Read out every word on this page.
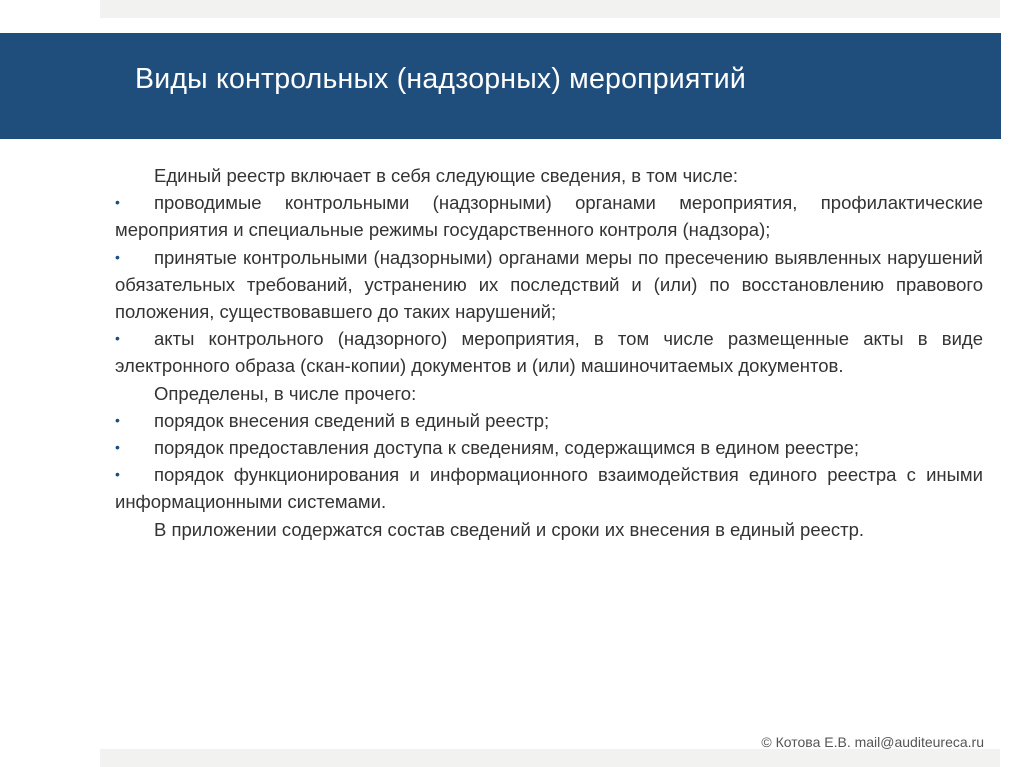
Виды контрольных (надзорных) мероприятий

Единый реестр включает в себя следующие сведения, в том числе:

•	проводимые контрольными (надзорными) органами мероприятия, профилактические мероприятия и специальные режимы государственного контроля (надзора);
•	принятые контрольными (надзорными) органами меры по пресечению выявленных нарушений обязательных требований, устранению их последствий и (или) по восстановлению правового положения, существовавшего до таких нарушений;
•	акты контрольного (надзорного) мероприятия, в том числе размещенные акты в виде электронного образа (скан-копии) документов и (или) машиночитаемых документов.

Определены, в числе прочего:

•	порядок внесения сведений в единый реестр;
•	порядок предоставления доступа к сведениям, содержащимся в едином реестре;
•	порядок функционирования и информационного взаимодействия единого реестра с иными информационными системами.
В приложении содержатся состав сведений и сроки их внесения в единый реестр.
© Котова Е.В. mail@auditeureca.ru
